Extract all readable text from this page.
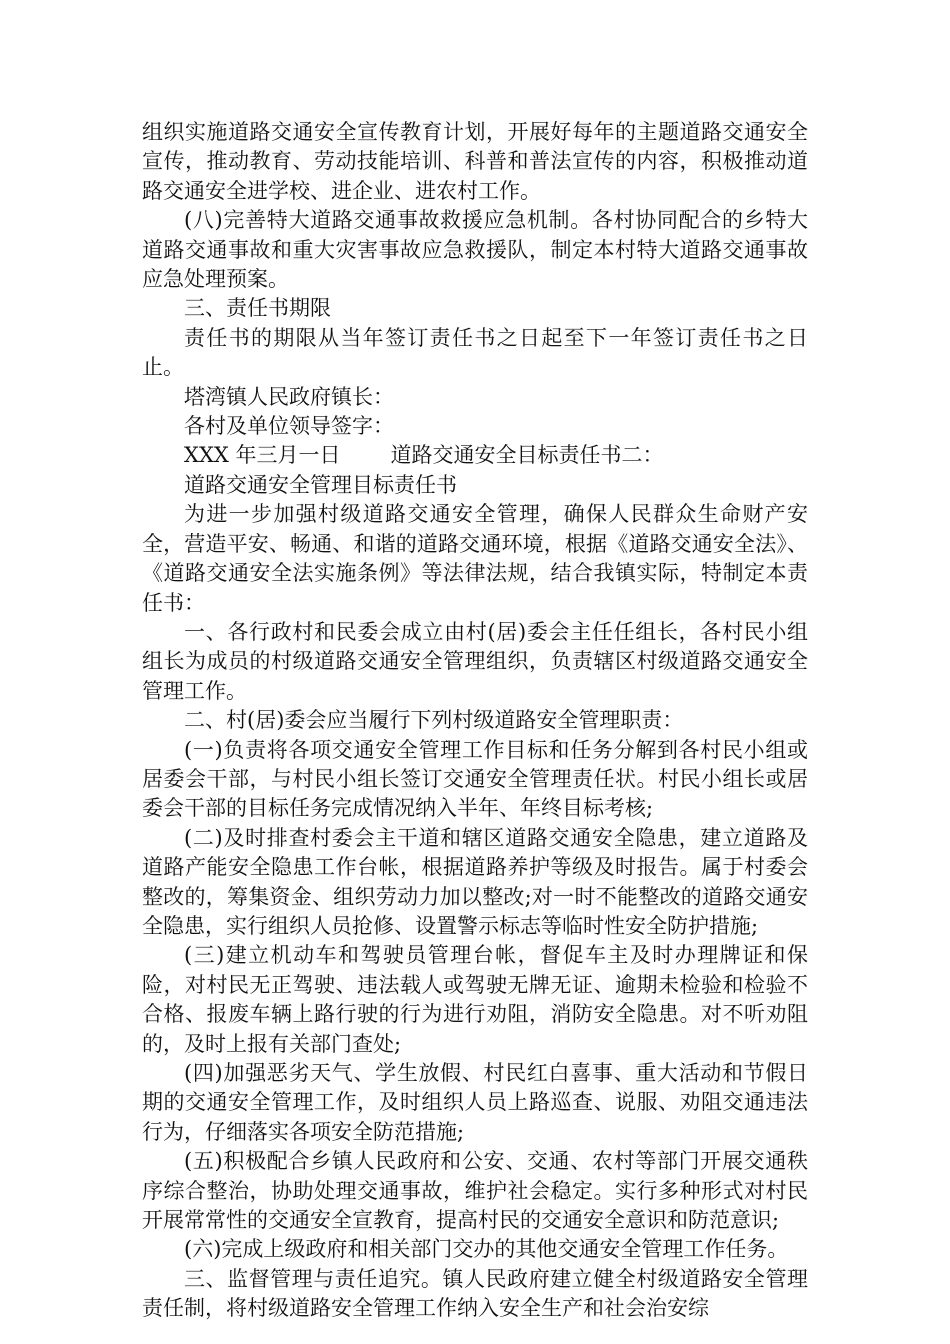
组织实施道路交通安全宣传教育计划，开展好每年的主题道路交通安全宣传，推动教育、劳动技能培训、科普和普法宣传的内容，积极推动道路交通安全进学校、进企业、进农村工作。

(八)完善特大道路交通事故救援应急机制。各村协同配合的乡特大道路交通事故和重大灾害事故应急救援队，制定本村特大道路交通事故应急处理预案。

三、责任书期限

责任书的期限从当年签订责任书之日起至下一年签订责任书之日止。

塔湾镇人民政府镇长：

各村及单位领导签字：

XXX 年三月一日 道路交通安全目标责任书二：

道路交通安全管理目标责任书

为进一步加强村级道路交通安全管理，确保人民群众生命财产安全，营造平安、畅通、和谐的道路交通环境，根据《道路交通安全法》、《道路交通安全法实施条例》等法律法规，结合我镇实际，特制定本责任书：

一、各行政村和民委会成立由村(居)委会主任任组长，各村民小组组长为成员的村级道路交通安全管理组织，负责辖区村级道路交通安全管理工作。

二、村(居)委会应当履行下列村级道路安全管理职责：

(一)负责将各项交通安全管理工作目标和任务分解到各村民小组或居委会干部，与村民小组长签订交通安全管理责任状。村民小组长或居委会干部的目标任务完成情况纳入半年、年终目标考核;

(二)及时排查村委会主干道和辖区道路交通安全隐患，建立道路及道路产能安全隐患工作台帐，根据道路养护等级及时报告。属于村委会整改的，筹集资金、组织劳动力加以整改;对一时不能整改的道路交通安全隐患，实行组织人员抢修、设置警示标志等临时性安全防护措施;

(三)建立机动车和驾驶员管理台帐，督促车主及时办理牌证和保险，对村民无正驾驶、违法载人或驾驶无牌无证、逾期未检验和检验不合格、报废车辆上路行驶的行为进行劝阻，消防安全隐患。对不听劝阻的，及时上报有关部门查处;

(四)加强恶劣天气、学生放假、村民红白喜事、重大活动和节假日期的交通安全管理工作，及时组织人员上路巡查、说服、劝阻交通违法行为，仔细落实各项安全防范措施;

(五)积极配合乡镇人民政府和公安、交通、农村等部门开展交通秩序综合整治，协助处理交通事故，维护社会稳定。实行多种形式对村民开展常常性的交通安全宣教育，提高村民的交通安全意识和防范意识;

(六)完成上级政府和相关部门交办的其他交通安全管理工作任务。

三、监督管理与责任追究。镇人民政府建立健全村级道路安全管理责任制，将村级道路安全管理工作纳入安全生产和社会治安综
